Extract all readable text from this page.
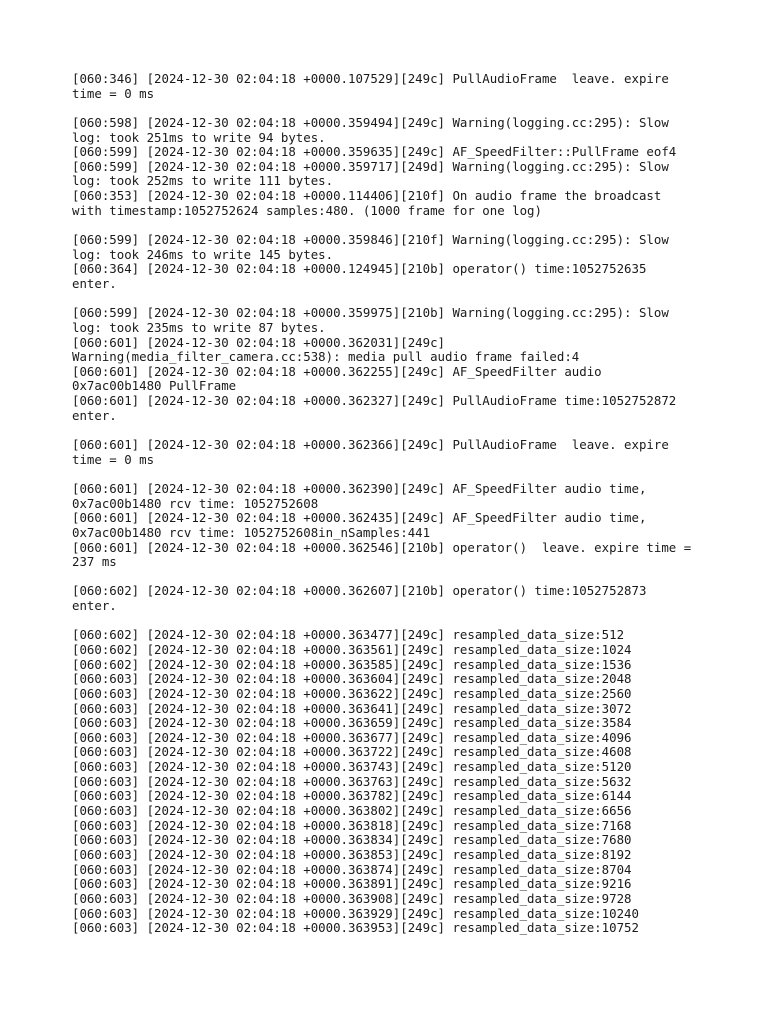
[060:346] [2024-12-30 02:04:18 +0000.107529][249c] PullAudioFrame  leave. expire
time = 0 ms
[060:598] [2024-12-30 02:04:18 +0000.359494][249c] Warning(logging.cc:295): Slow
log: took 251ms to write 94 bytes.
[060:599] [2024-12-30 02:04:18 +0000.359635][249c] AF_SpeedFilter::PullFrame eof4
[060:599] [2024-12-30 02:04:18 +0000.359717][249d] Warning(logging.cc:295): Slow
log: took 252ms to write 111 bytes.
[060:353] [2024-12-30 02:04:18 +0000.114406][210f] On audio frame the broadcast
with timestamp:1052752624 samples:480. (1000 frame for one log)
[060:599] [2024-12-30 02:04:18 +0000.359846][210f] Warning(logging.cc:295): Slow
log: took 246ms to write 145 bytes.
[060:364] [2024-12-30 02:04:18 +0000.124945][210b] operator() time:1052752635
enter.
[060:599] [2024-12-30 02:04:18 +0000.359975][210b] Warning(logging.cc:295): Slow
log: took 235ms to write 87 bytes.
[060:601] [2024-12-30 02:04:18 +0000.362031][249c]
Warning(media_filter_camera.cc:538): media pull audio frame failed:4
[060:601] [2024-12-30 02:04:18 +0000.362255][249c] AF_SpeedFilter audio
0x7ac00b1480 PullFrame
[060:601] [2024-12-30 02:04:18 +0000.362327][249c] PullAudioFrame time:1052752872
enter.
[060:601] [2024-12-30 02:04:18 +0000.362366][249c] PullAudioFrame  leave. expire
time = 0 ms
[060:601] [2024-12-30 02:04:18 +0000.362390][249c] AF_SpeedFilter audio time,
0x7ac00b1480 rcv time: 1052752608
[060:601] [2024-12-30 02:04:18 +0000.362435][249c] AF_SpeedFilter audio time,
0x7ac00b1480 rcv time: 1052752608in_nSamples:441
[060:601] [2024-12-30 02:04:18 +0000.362546][210b] operator()  leave. expire time =
237 ms
[060:602] [2024-12-30 02:04:18 +0000.362607][210b] operator() time:1052752873
enter.
[060:602] [2024-12-30 02:04:18 +0000.363477][249c] resampled_data_size:512
[060:602] [2024-12-30 02:04:18 +0000.363561][249c] resampled_data_size:1024
[060:602] [2024-12-30 02:04:18 +0000.363585][249c] resampled_data_size:1536
[060:603] [2024-12-30 02:04:18 +0000.363604][249c] resampled_data_size:2048
[060:603] [2024-12-30 02:04:18 +0000.363622][249c] resampled_data_size:2560
[060:603] [2024-12-30 02:04:18 +0000.363641][249c] resampled_data_size:3072
[060:603] [2024-12-30 02:04:18 +0000.363659][249c] resampled_data_size:3584
[060:603] [2024-12-30 02:04:18 +0000.363677][249c] resampled_data_size:4096
[060:603] [2024-12-30 02:04:18 +0000.363722][249c] resampled_data_size:4608
[060:603] [2024-12-30 02:04:18 +0000.363743][249c] resampled_data_size:5120
[060:603] [2024-12-30 02:04:18 +0000.363763][249c] resampled_data_size:5632
[060:603] [2024-12-30 02:04:18 +0000.363782][249c] resampled_data_size:6144
[060:603] [2024-12-30 02:04:18 +0000.363802][249c] resampled_data_size:6656
[060:603] [2024-12-30 02:04:18 +0000.363818][249c] resampled_data_size:7168
[060:603] [2024-12-30 02:04:18 +0000.363834][249c] resampled_data_size:7680
[060:603] [2024-12-30 02:04:18 +0000.363853][249c] resampled_data_size:8192
[060:603] [2024-12-30 02:04:18 +0000.363874][249c] resampled_data_size:8704
[060:603] [2024-12-30 02:04:18 +0000.363891][249c] resampled_data_size:9216
[060:603] [2024-12-30 02:04:18 +0000.363908][249c] resampled_data_size:9728
[060:603] [2024-12-30 02:04:18 +0000.363929][249c] resampled_data_size:10240
[060:603] [2024-12-30 02:04:18 +0000.363953][249c] resampled_data_size:10752
